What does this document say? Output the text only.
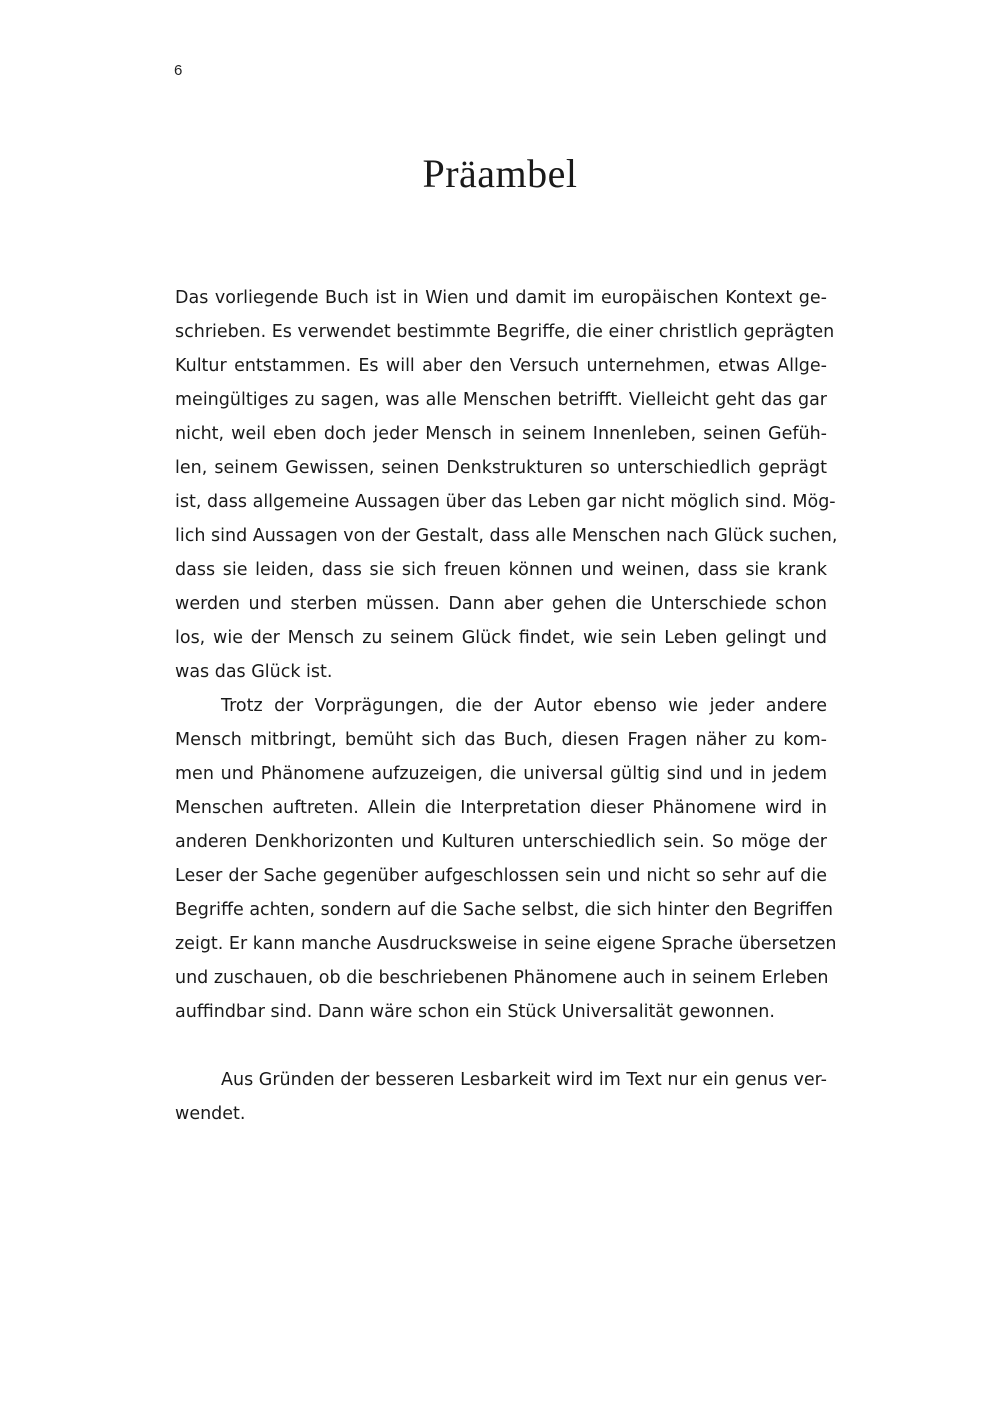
6
Präambel
Das vorliegende Buch ist in Wien und damit im europäischen Kontext ge-
schrieben. Es verwendet bestimmte Begriffe, die einer christlich geprägten
Kultur entstammen. Es will aber den Versuch unternehmen, etwas Allge-
meingültiges zu sagen, was alle Menschen betrifft. Vielleicht geht das gar
nicht, weil eben doch jeder Mensch in seinem Innenleben, seinen Gefüh-
len, seinem Gewissen, seinen Denkstrukturen so unterschiedlich geprägt
ist, dass allgemeine Aussagen über das Leben gar nicht möglich sind. Mög-
lich sind Aussagen von der Gestalt, dass alle Menschen nach Glück suchen,
dass sie leiden, dass sie sich freuen können und weinen, dass sie krank
werden und sterben müssen. Dann aber gehen die Unterschiede schon
los, wie der Mensch zu seinem Glück findet, wie sein Leben gelingt und
was das Glück ist.
Trotz der Vorprägungen, die der Autor ebenso wie jeder andere
Mensch mitbringt, bemüht sich das Buch, diesen Fragen näher zu kom-
men und Phänomene aufzuzeigen, die universal gültig sind und in jedem
Menschen auftreten. Allein die Interpretation dieser Phänomene wird in
anderen Denkhorizonten und Kulturen unterschiedlich sein. So möge der
Leser der Sache gegenüber aufgeschlossen sein und nicht so sehr auf die
Begriffe achten, sondern auf die Sache selbst, die sich hinter den Begriffen
zeigt. Er kann manche Ausdrucksweise in seine eigene Sprache übersetzen
und zuschauen, ob die beschriebenen Phänomene auch in seinem Erleben
auffindbar sind. Dann wäre schon ein Stück Universalität gewonnen.
Aus Gründen der besseren Lesbarkeit wird im Text nur ein genus ver-
wendet.
